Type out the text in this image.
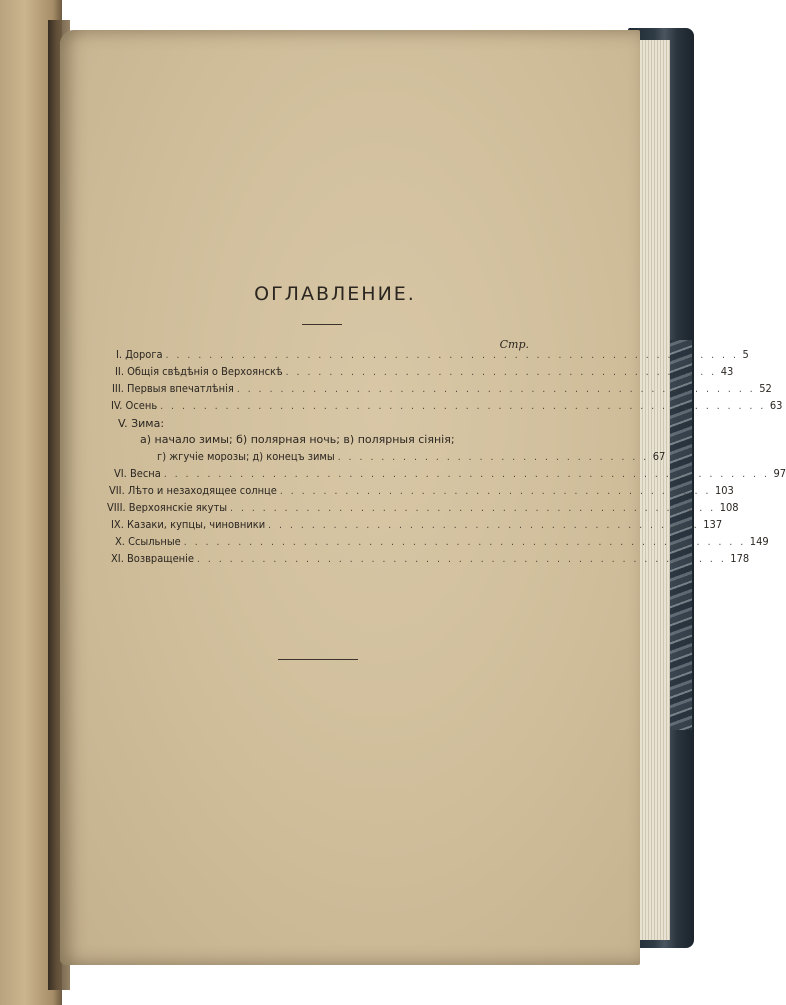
ОГЛАВЛЕНИЕ.
Стр.
I. Дорога . . . . . . . . . . . . . . . . . . . . . . . . . . . . . . . . . . . . . . . . . . . . . . . . . . . . . 5
II. Общія свѣдѣнія о Верхоянскѣ . . . . . . . . . . . . . . . . . . . . . . . . . . . . . . . . . . . . . . . . 43
III. Первыя впечатлѣнія . . . . . . . . . . . . . . . . . . . . . . . . . . . . . . . . . . . . . . . . . . . . . . . . 52
IV. Осень . . . . . . . . . . . . . . . . . . . . . . . . . . . . . . . . . . . . . . . . . . . . . . . . . . . . . . . . 63
V. Зима:
а) начало зимы; б) полярная ночь; в) полярныя сіянія;
г) жгучіе морозы; д) конецъ зимы . . . . . . . . . . . . . . . . . . . . . . . . . . . . . 67
VI. Весна . . . . . . . . . . . . . . . . . . . . . . . . . . . . . . . . . . . . . . . . . . . . . . . . . . . . . . . . 97
VII. Лѣто и незаходящее солнце . . . . . . . . . . . . . . . . . . . . . . . . . . . . . . . . . . . . . . . . 103
VIII. Верхоянскіе якуты . . . . . . . . . . . . . . . . . . . . . . . . . . . . . . . . . . . . . . . . . . . . . 108
IX. Казаки, купцы, чиновники . . . . . . . . . . . . . . . . . . . . . . . . . . . . . . . . . . . . . . . . 137
X. Ссыльные . . . . . . . . . . . . . . . . . . . . . . . . . . . . . . . . . . . . . . . . . . . . . . . . . . . . 149
XI. Возвращеніе . . . . . . . . . . . . . . . . . . . . . . . . . . . . . . . . . . . . . . . . . . . . . . . . . 178
